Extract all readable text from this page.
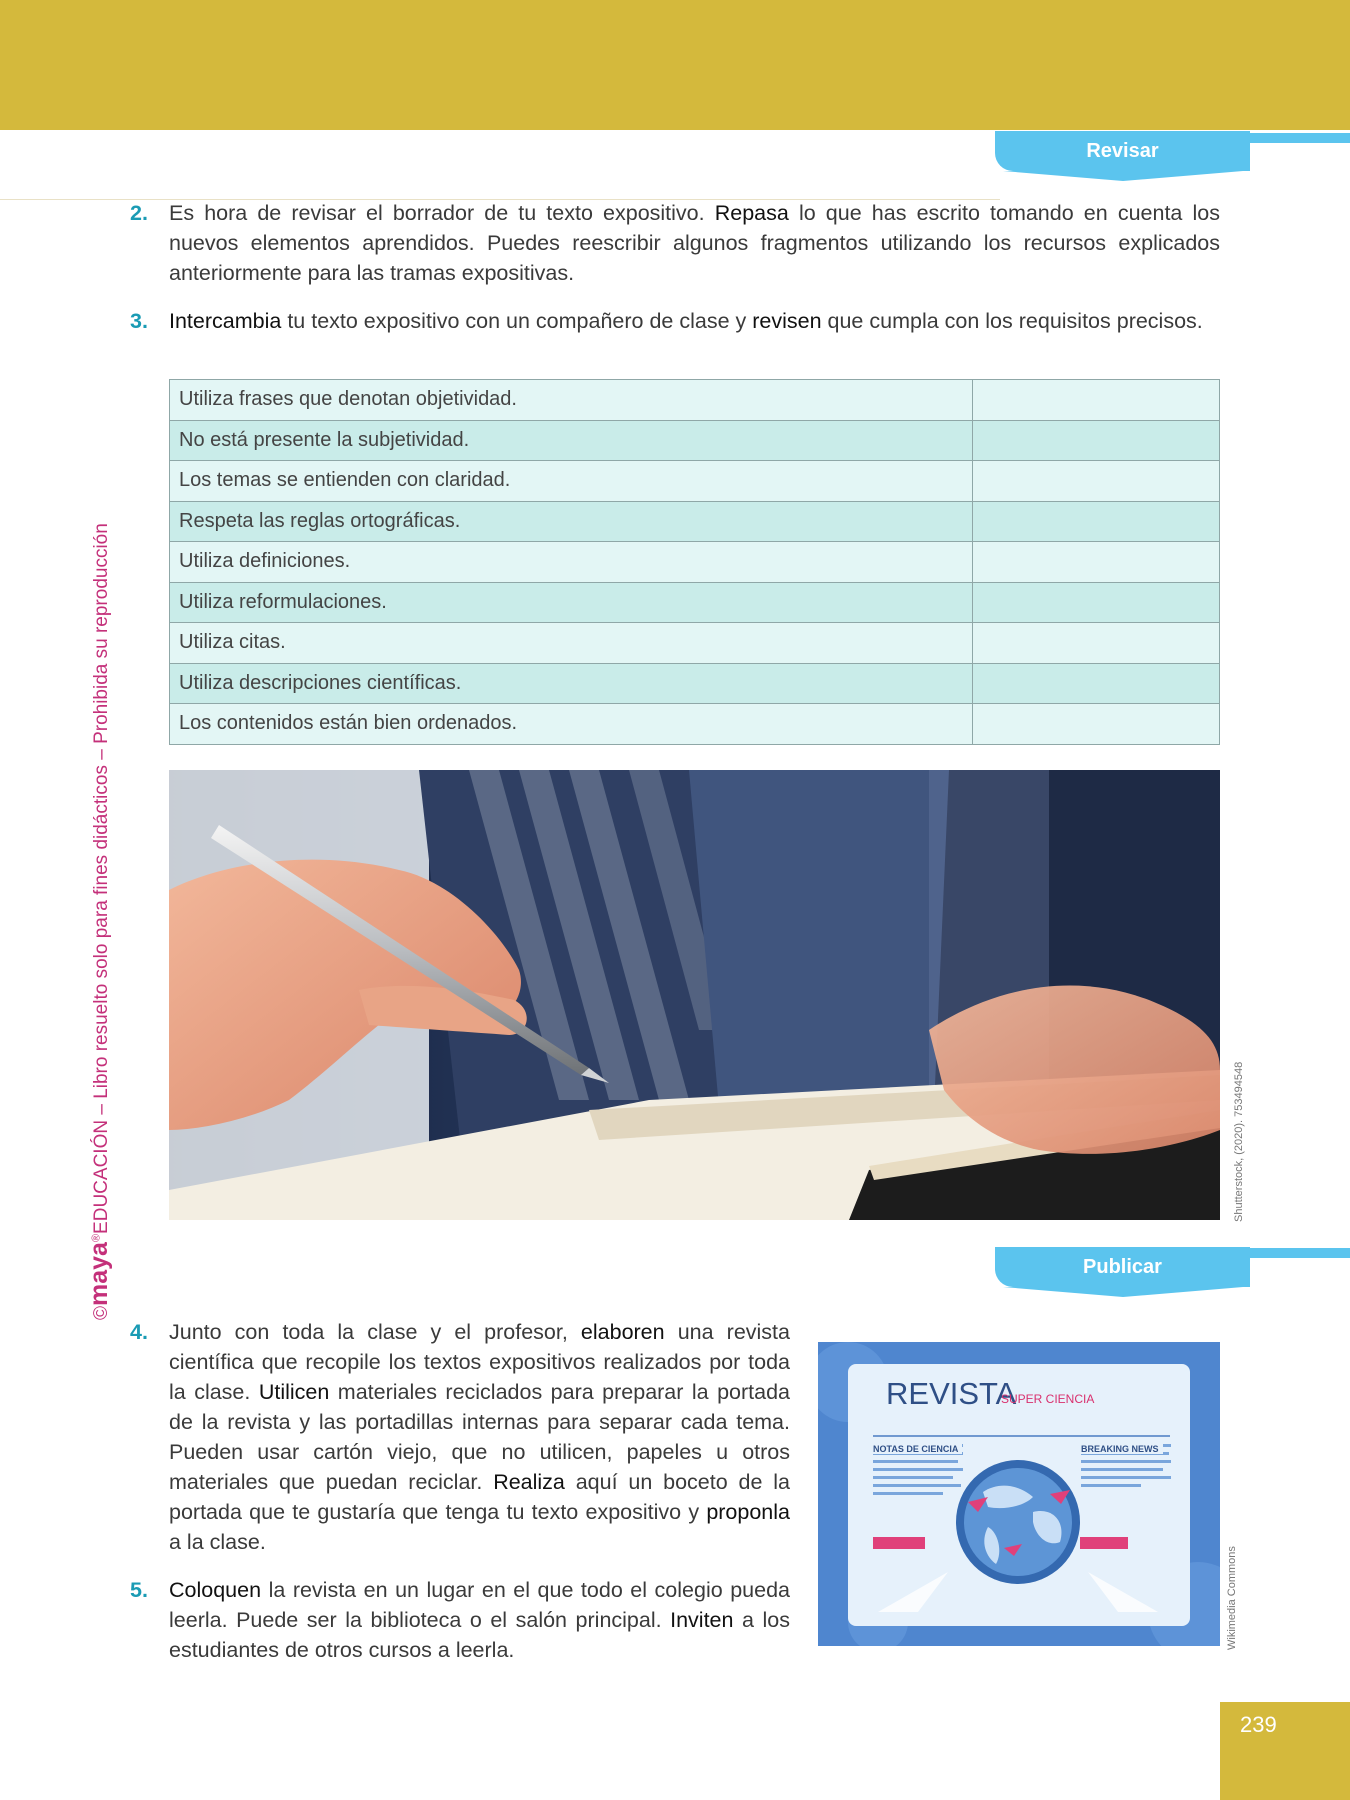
Revisar
2. Es hora de revisar el borrador de tu texto expositivo. Repasa lo que has escrito tomando en cuenta los nuevos elementos aprendidos. Puedes reescribir algunos fragmentos utilizando los recursos explicados anteriormente para las tramas expositivas.
3. Intercambia tu texto expositivo con un compañero de clase y revisen que cumpla con los requisitos precisos.
Utiliza frases que denotan objetividad.	
No está presente la subjetividad.	
Los temas se entienden con claridad.	
Respeta las reglas ortográficas.	
Utiliza definiciones.	
Utiliza reformulaciones.	
Utiliza citas.	
Utiliza descripciones científicas.	
Los contenidos están bien ordenados.	
Shutterstock, (2020). 753494548
Publicar
4. Junto con toda la clase y el profesor, elaboren una revista científica que recopile los textos expositivos realizados por toda la clase. Utilicen materiales reciclados para preparar la portada de la revista y las portadillas internas para separar cada tema. Pueden usar cartón viejo, que no utilicen, papeles u otros materiales que puedan reciclar. Realiza aquí un boceto de la portada que te gustaría que tenga tu texto expositivo y proponla a la clase.
5. Coloquen la revista en un lugar en el que todo el colegio pueda leerla. Puede ser la biblioteca o el salón principal. Inviten a los estudiantes de otros cursos a leerla.
REVISTA
SUPER CIENCIA
NOTAS DE CIENCIA	BREAKING NEWS
Wikimedia Commons
©maya®EDUCACIÓN – Libro resuelto solo para fines didácticos – Prohibida su reproducción
239
